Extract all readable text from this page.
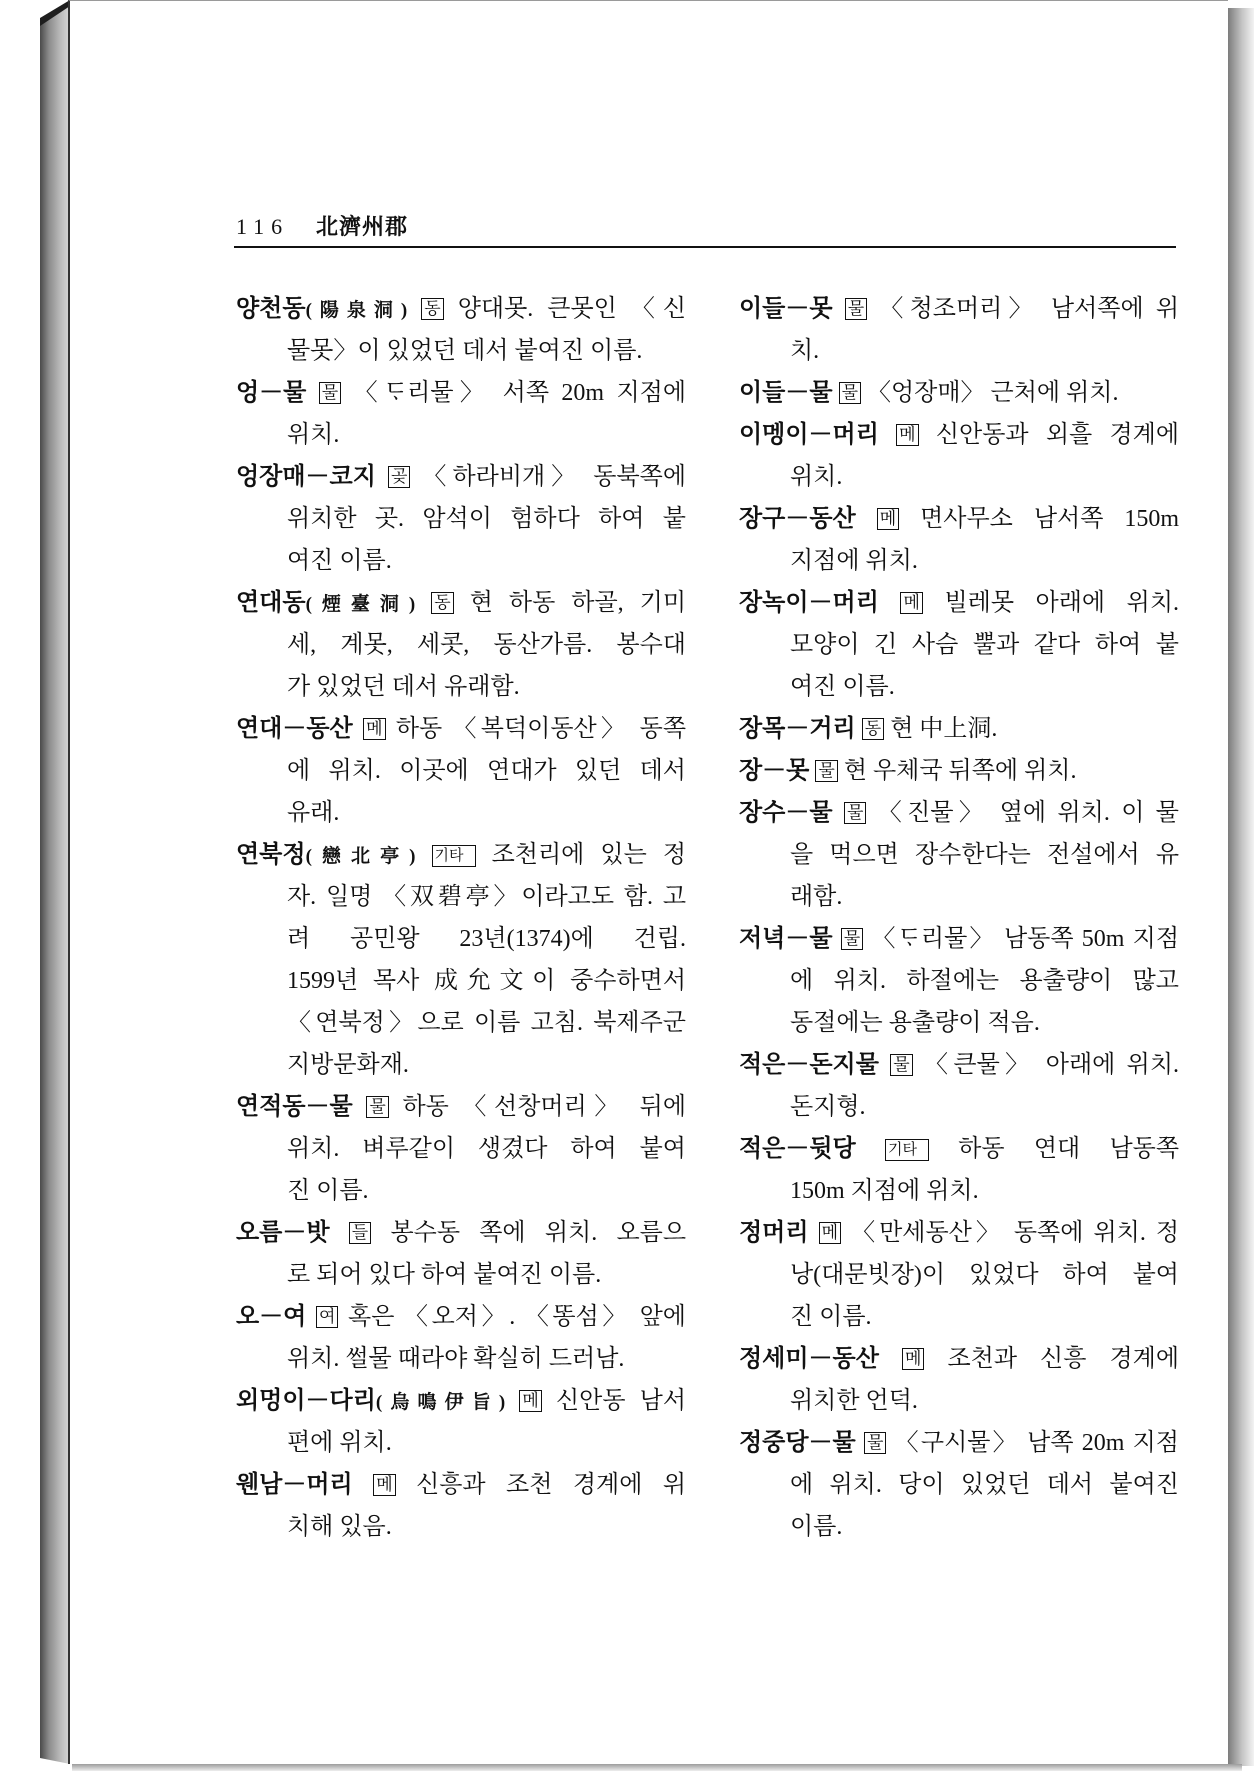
116 北濟州郡
양천동(陽泉洞) 동 양대못. 큰못인 〈신
물못〉이 있었던 데서 붙여진 이름.
엉－물 물 〈ᄃᆞ리물〉 서쪽 20m 지점에
위치.
엉장매－코지 곶 〈하라비개〉 동북쪽에
위치한 곳. 암석이 험하다 하여 붙
여진 이름.
연대동(煙臺洞) 동 현 하동 하골, 기미
세, 계못, 세콧, 동산가름. 봉수대
가 있었던 데서 유래함.
연대－동산 메 하동 〈복덕이동산〉 동쪽
에 위치. 이곳에 연대가 있던 데서
유래.
연북정(戀北亭) 기타 조천리에 있는 정
자. 일명 〈双碧亭〉이라고도 함. 고
려 공민왕 23년(1374)에 건립.
1599년 목사 成允文이 중수하면서
〈연북정〉으로 이름 고침. 북제주군
지방문화재.
연적동－물 물 하동 〈선창머리〉 뒤에
위치. 벼루같이 생겼다 하여 붙여
진 이름.
오름－밧 들 봉수동 쪽에 위치. 오름으
로 되어 있다 하여 붙여진 이름.
오－여 여 혹은 〈오저〉. 〈똥섬〉 앞에
위치. 썰물 때라야 확실히 드러남.
외멍이－다리(烏鳴伊旨) 메 신안동 남서
편에 위치.
웬남－머리 메 신흥과 조천 경계에 위
치해 있음.
이들－못 물 〈청조머리〉 남서쪽에 위
치.
이들－물 물 〈엉장매〉 근처에 위치.
이멩이－머리 메 신안동과 외흘 경계에
위치.
장구－동산 메 면사무소 남서쪽 150m
지점에 위치.
장녹이－머리 메 빌레못 아래에 위치.
모양이 긴 사슴 뿔과 같다 하여 붙
여진 이름.
장목－거리 동 현 中上洞.
장－못 물 현 우체국 뒤쪽에 위치.
장수－물 물 〈진물〉 옆에 위치. 이 물
을 먹으면 장수한다는 전설에서 유
래함.
저녁－물 물 〈ᄃᆞ리물〉 남동쪽 50m 지점
에 위치. 하절에는 용출량이 많고
동절에는 용출량이 적음.
적은－돈지물 물 〈큰물〉 아래에 위치.
돈지형.
적은－뒷당 기타 하동 연대 남동쪽
150m 지점에 위치.
정머리 메 〈만세동산〉 동쪽에 위치. 정
낭(대문빗장)이 있었다 하여 붙여
진 이름.
정세미－동산 메 조천과 신흥 경계에
위치한 언덕.
정중당－물 물 〈구시물〉 남쪽 20m 지점
에 위치. 당이 있었던 데서 붙여진
이름.
